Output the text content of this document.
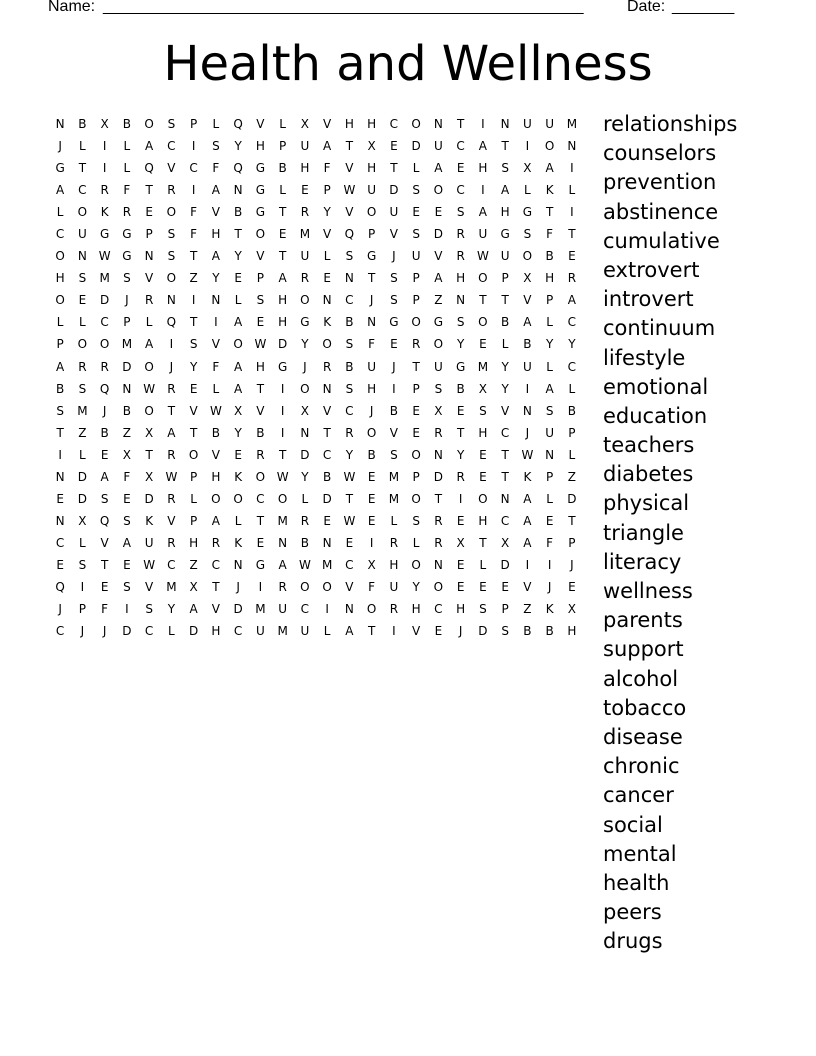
Name: ______________________________________________________	Date: _______
Health and Wellness
N	B	X	B	O	S	P	L	Q	V	L	X	V	H	H	C	O	N	T	I	N	U	U	M
J	L	I	L	A	C	I	S	Y	H	P	U	A	T	X	E	D	U	C	A	T	I	O	N
G	T	I	L	Q	V	C	F	Q	G	B	H	F	V	H	T	L	A	E	H	S	X	A	I
A	C	R	F	T	R	I	A	N	G	L	E	P	W U	D	S	O	C	I	A	L	K	L
L	O	K	R	E	O	F	V	B	G	T	R	Y	V	O	U	E	E	S	A	H	G	T	I
C	U	G	G	P	S	F	H	T	O	E	M	V	Q	P	V	S	D	R	U	G	S	F	T
O	N W G	N	S	T	A	Y	V	T	U	L	S	G	J	U	V	R	W U	O	B	E
H	S	M	S	V	O	Z	Y	E	P	A	R	E	N	T	S	P	A	H	O	P	X	H	R
O	E	D	J	R	N	I	N	L	S	H	O	N	C	J	S	P	Z	N	T	T	V	P	A
L	L	C	P	L	Q	T	I	A	E	H	G	K	B	N	G	O	G	S	O	B	A	L	C
P	O	O	M	A	I	S	V	O W D	Y	O	S	F	E	R	O	Y	E	L	B	Y	Y
A	R	R	D	O	J	Y	F	A	H	G	J	R	B	U	J	T	U	G	M	Y	U	L	C
B	S	Q	N W	R	E	L	A	T	I	O	N	S	H	I	P	S	B	X	Y	I	A	L
S	M	J	B	O	T	V	W	X	V	I	X	V	C	J	B	E	X	E	S	V	N	S	B
T	Z	B	Z	X	A	T	B	Y	B	I	N	T	R	O	V	E	R	T	H	C	J	U	P
I	L	E	X	T	R	O	V	E	R	T	D	C	Y	B	S	O	N	Y	E	T	W N	L
N	D	A	F	X	W	P	H	K	O W	Y	B	W	E	M	P	D	R	E	T	K	P	Z
E	D	S	E	D	R	L	O	O	C	O	L	D	T	E	M	O	T	I	O	N	A	L	D
N	X	Q	S	K	V	P	A	L	T	M	R	E	W	E	L	S	R	E	H	C	A	E	T
C	L	V	A	U	R	H	R	K	E	N	B	N	E	I	R	L	R	X	T	X	A	F	P
E	S	T	E	W	C	Z	C	N	G	A	W M	C	X	H	O	N	E	L	D	I	I	J
Q	I	E	S	V	M	X	T	J	I	R	O	O	V	F	U	Y	O	E	E	E	V	J	E
J	P	F	I	S	Y	A	V	D	M	U	C	I	N	O	R	H	C	H	S	P	Z	K	X
C	J	J	D	C	L	D	H	C	U	M	U	L	A	T	I	V	E	J	D	S	B	B	H
relationships
counselors
prevention
abstinence
cumulative
extrovert
introvert
continuum
lifestyle
emotional
education
teachers
diabetes
physical
triangle
literacy
wellness
parents
support
alcohol
tobacco
disease
chronic
cancer
social
mental
health
peers
drugs
